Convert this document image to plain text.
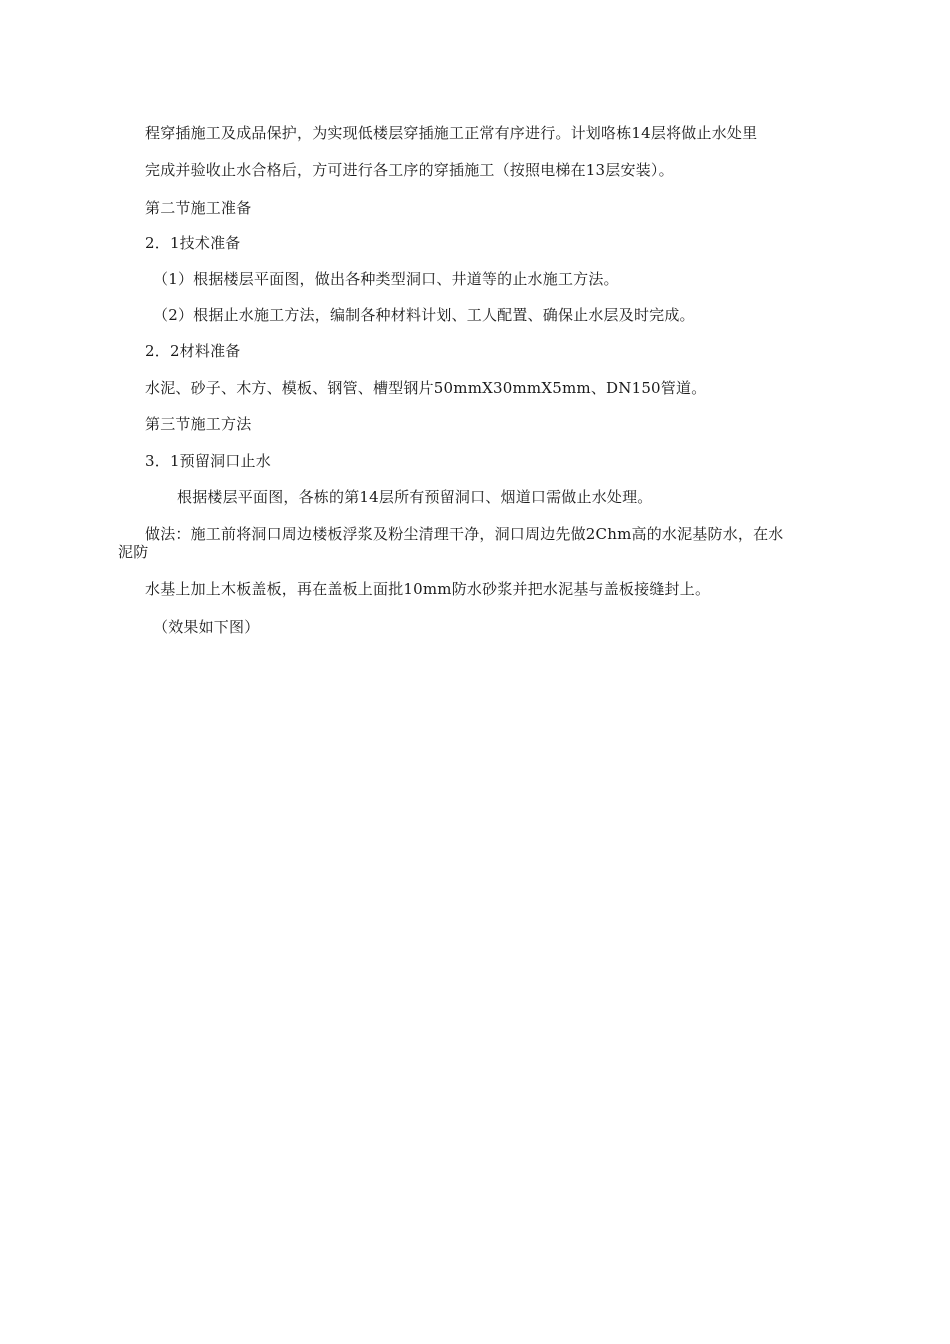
程穿插施工及成品保护，为实现低楼层穿插施工正常有序进行。计划咯栋14层将做止水处里
完成并验收止水合格后，方可进行各工序的穿插施工（按照电梯在13层安装）。
第二节施工准备
2．1技术准备
（1）根据楼层平面图，做出各种类型洞口、井道等的止水施工方法。
（2）根据止水施工方法，编制各种材料计划、工人配置、确保止水层及时完成。
2．2材料准备
水泥、砂子、木方、模板、钢管、槽型钢片50mmX30mmX5mm、DN150管道。
第三节施工方法
3．1预留洞口止水
根据楼层平面图，各栋的第14层所有预留洞口、烟道口需做止水处理。
做法：施工前将洞口周边楼板浮浆及粉尘清理干净，洞口周边先做2Chm高的水泥基防水，在水
泥防
水基上加上木板盖板，再在盖板上面批10mm防水砂浆并把水泥基与盖板接缝封上。
（效果如下图）
